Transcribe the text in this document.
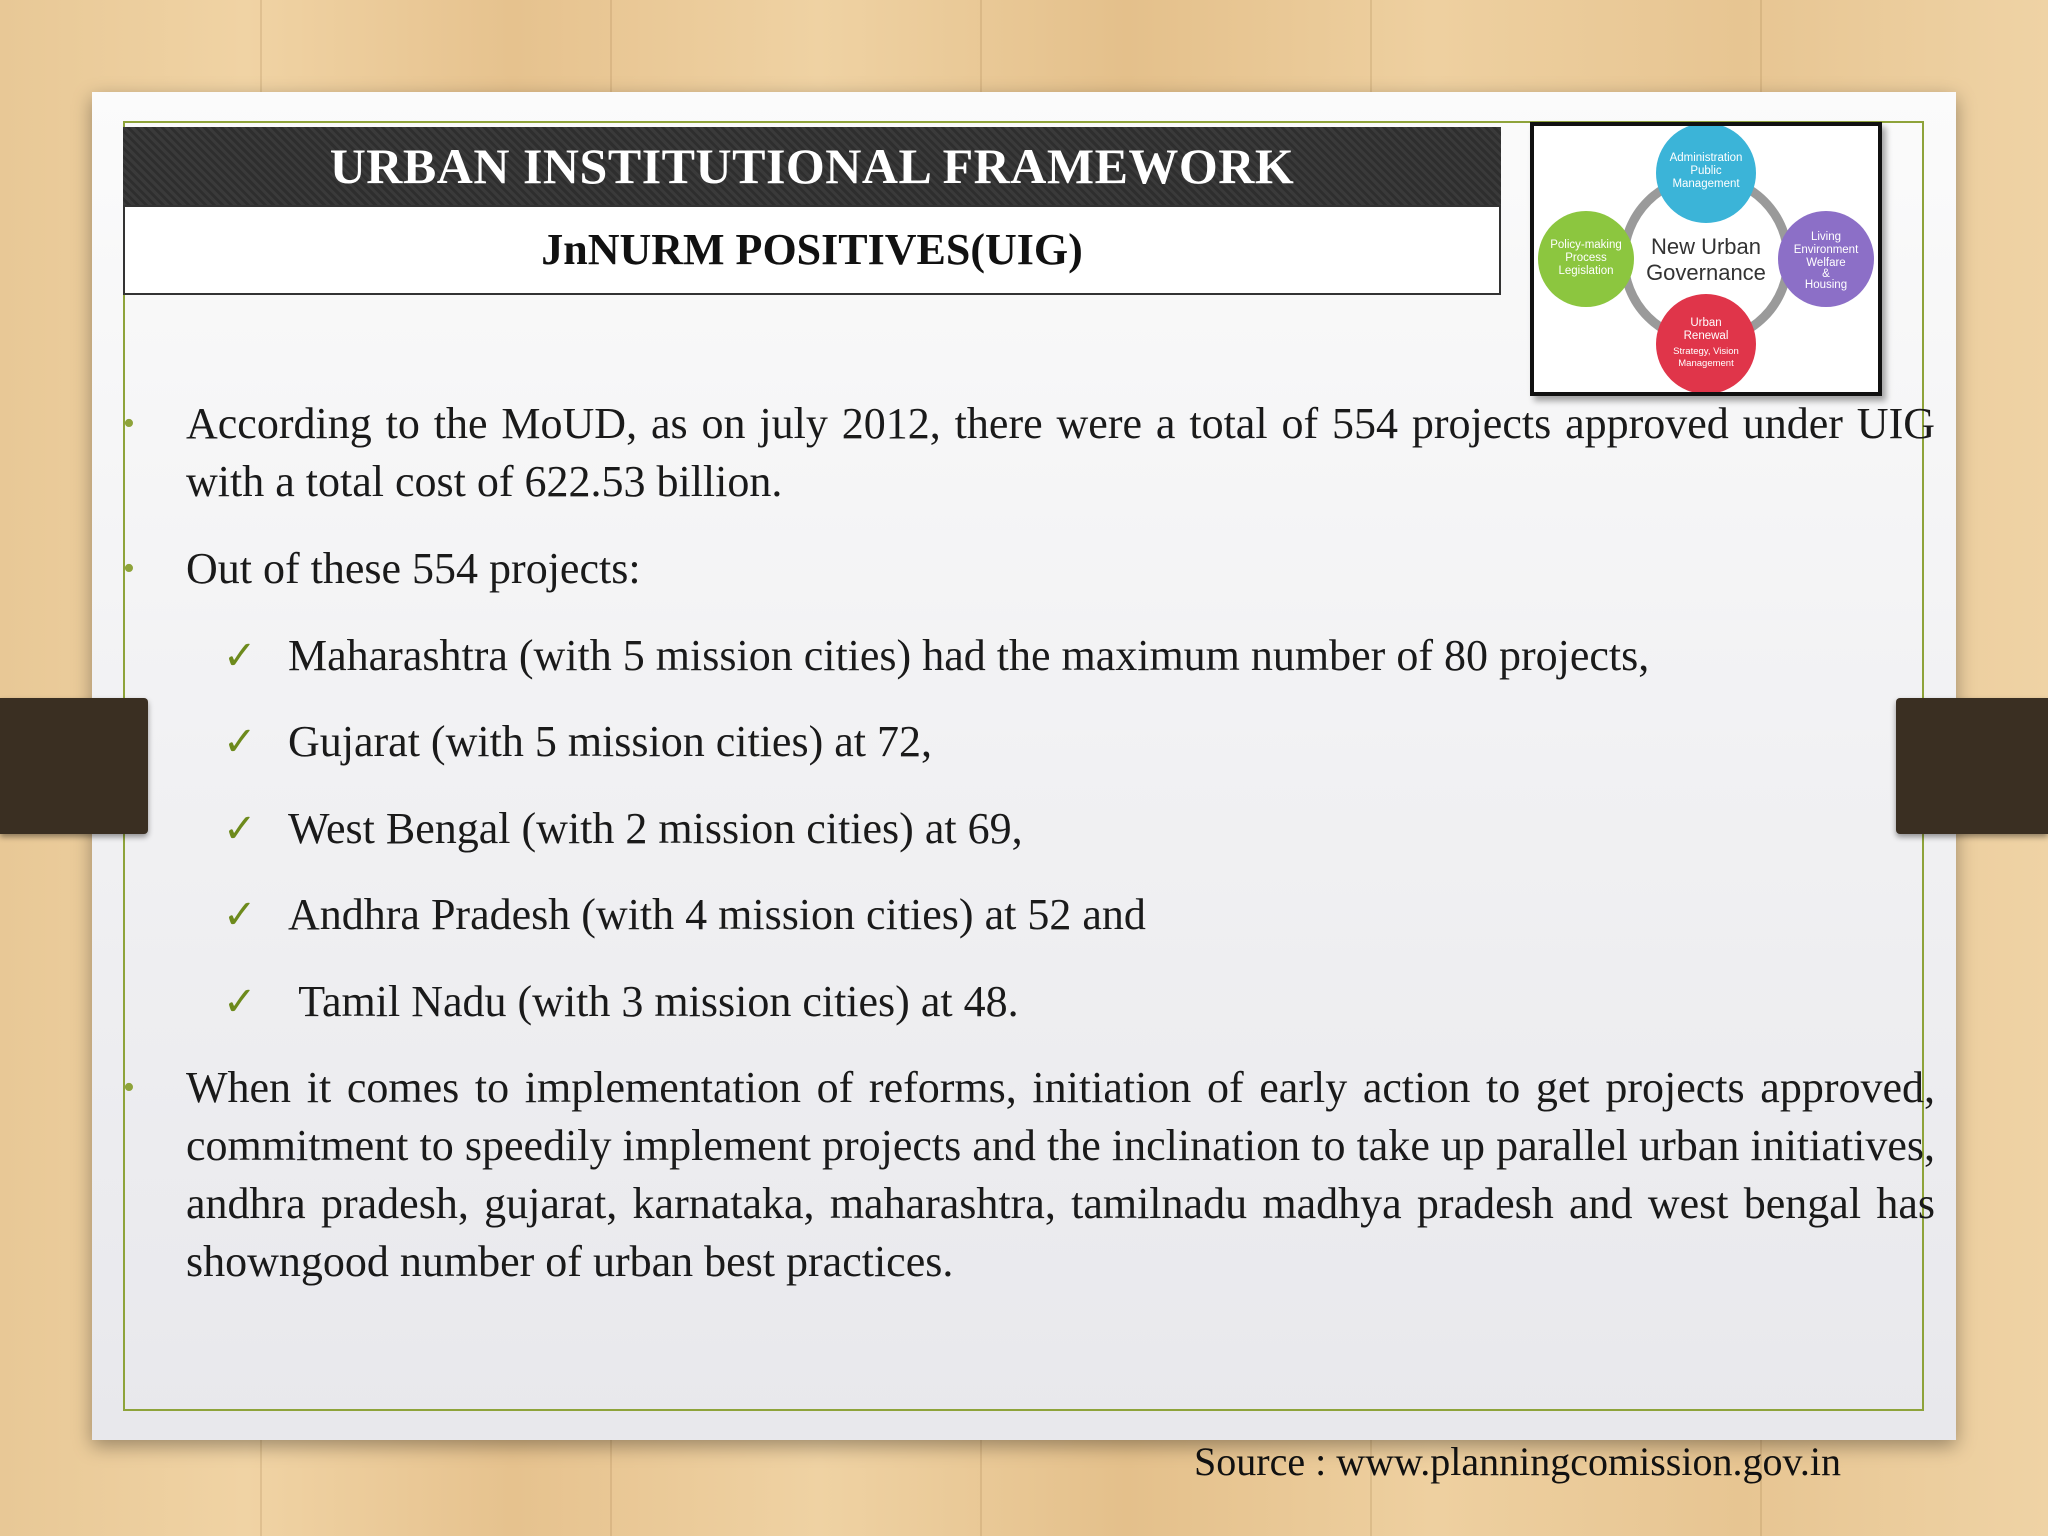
URBAN INSTITUTIONAL FRAMEWORK
JnNURM POSITIVES(UIG)
Administration
Public
Management
Living
Environment
Welfare
&
Housing
Urban
Renewal
Strategy, Vision
Management
Policy-making
Process
Legislation
New Urban
Governance
• According to the MoUD, as on july 2012, there were a total of 554 projects approved under UIG with a total cost of 622.53 billion.
• Out of these 554 projects:
✓ Maharashtra (with 5 mission cities) had the maximum number of 80 projects,
✓ Gujarat (with 5 mission cities) at 72,
✓ West Bengal (with 2 mission cities) at 69,
✓ Andhra Pradesh (with 4 mission cities) at 52 and
✓ Tamil Nadu (with 3 mission cities) at 48.
• When it comes to implementation of reforms, initiation of early action to get projects approved, commitment to speedily implement projects and the inclination to take up parallel urban initiatives, andhra pradesh, gujarat, karnataka, maharashtra, tamilnadu madhya pradesh and west bengal has showngood number of urban best practices.
Source : www.planningcomission.gov.in
